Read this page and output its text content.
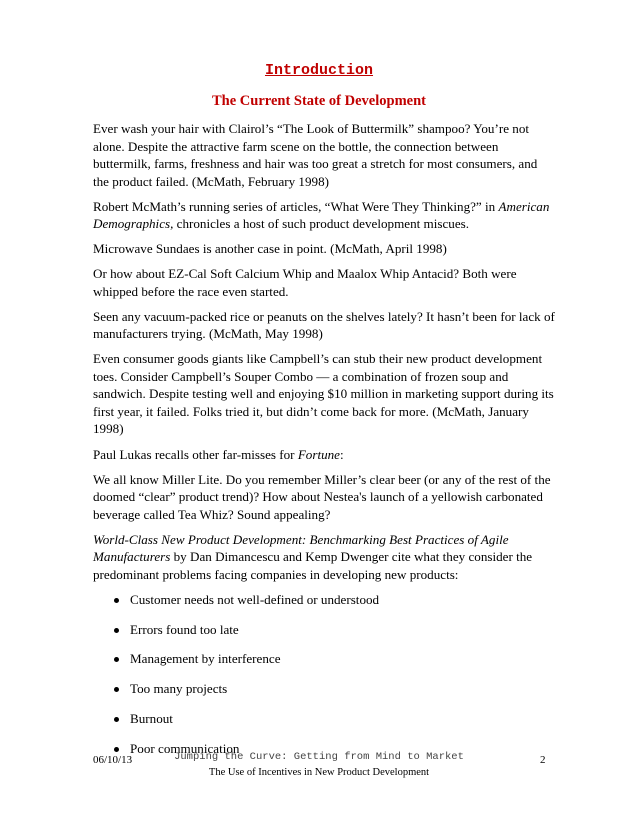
Introduction
The Current State of Development

Ever wash your hair with Clairol’s “The Look of Buttermilk” shampoo? You’re not alone. Despite the attractive farm scene on the bottle, the connection between buttermilk, farms, freshness and hair was too great a stretch for most consumers, and the product failed. (McMath, February 1998)

Robert McMath’s running series of articles, “What Were They Thinking?” in American Demographics, chronicles a host of such product development miscues.

Microwave Sundaes is another case in point. (McMath, April 1998)

Or how about EZ-Cal Soft Calcium Whip and Maalox Whip Antacid? Both were whipped before the race even started.

Seen any vacuum-packed rice or peanuts on the shelves lately? It hasn’t been for lack of manufacturers trying. (McMath, May 1998)

Even consumer goods giants like Campbell’s can stub their new product development toes. Consider Campbell’s Souper Combo — a combination of frozen soup and sandwich. Despite testing well and enjoying $10 million in marketing support during its first year, it failed. Folks tried it, but didn’t come back for more. (McMath, January 1998)

Paul Lukas recalls other far-misses for Fortune:

We all know Miller Lite. Do you remember Miller’s clear beer (or any of the rest of the doomed “clear” product trend)? How about Nestea's launch of a yellowish carbonated beverage called Tea Whiz? Sound appealing?

World-Class New Product Development: Benchmarking Best Practices of Agile Manufacturers by Dan Dimancescu and Kemp Dwenger cite what they consider the predominant problems facing companies in developing new products:

Customer needs not well-defined or understood
Errors found too late
Management by interference
Too many projects
Burnout
Poor communication
06/10/13	Jumping the Curve: Getting from Mind to Market
The Use of Incentives in New Product Development
2
